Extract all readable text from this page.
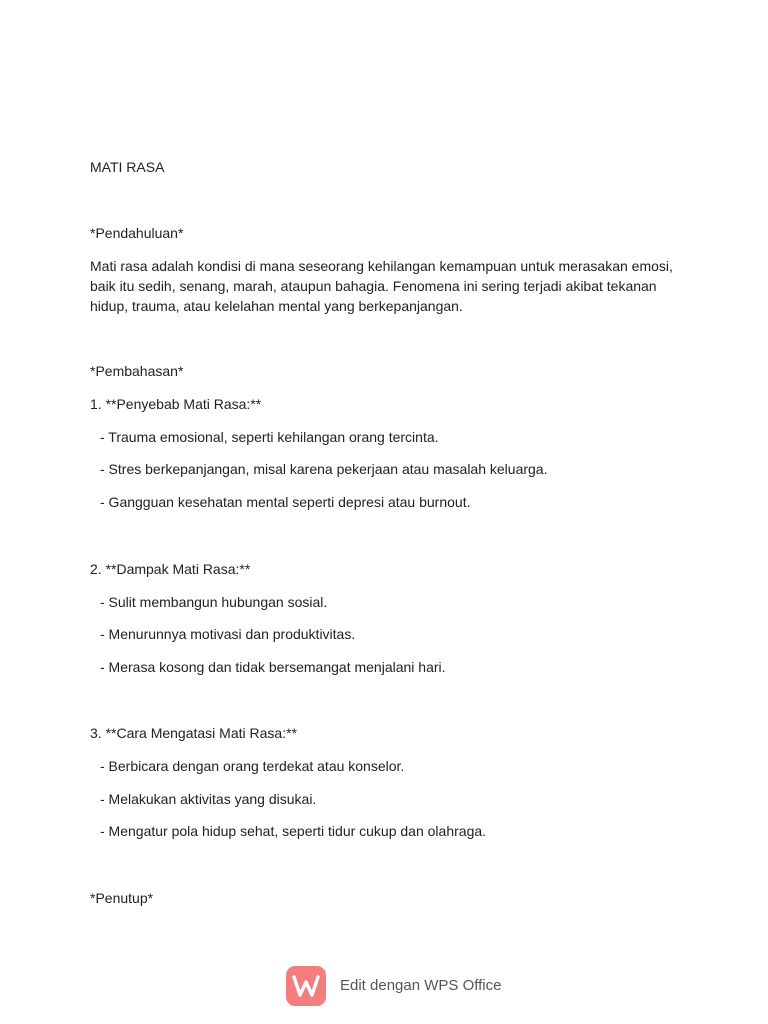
MATI RASA
*Pendahuluan*
Mati rasa adalah kondisi di mana seseorang kehilangan kemampuan untuk merasakan emosi, baik itu sedih, senang, marah, ataupun bahagia. Fenomena ini sering terjadi akibat tekanan hidup, trauma, atau kelelahan mental yang berkepanjangan.
*Pembahasan*
1. **Penyebab Mati Rasa:**
- Trauma emosional, seperti kehilangan orang tercinta.
- Stres berkepanjangan, misal karena pekerjaan atau masalah keluarga.
- Gangguan kesehatan mental seperti depresi atau burnout.
2. **Dampak Mati Rasa:**
- Sulit membangun hubungan sosial.
- Menurunnya motivasi dan produktivitas.
- Merasa kosong dan tidak bersemangat menjalani hari.
3. **Cara Mengatasi Mati Rasa:**
- Berbicara dengan orang terdekat atau konselor.
- Melakukan aktivitas yang disukai.
- Mengatur pola hidup sehat, seperti tidur cukup dan olahraga.
*Penutup*
Edit dengan WPS Office
